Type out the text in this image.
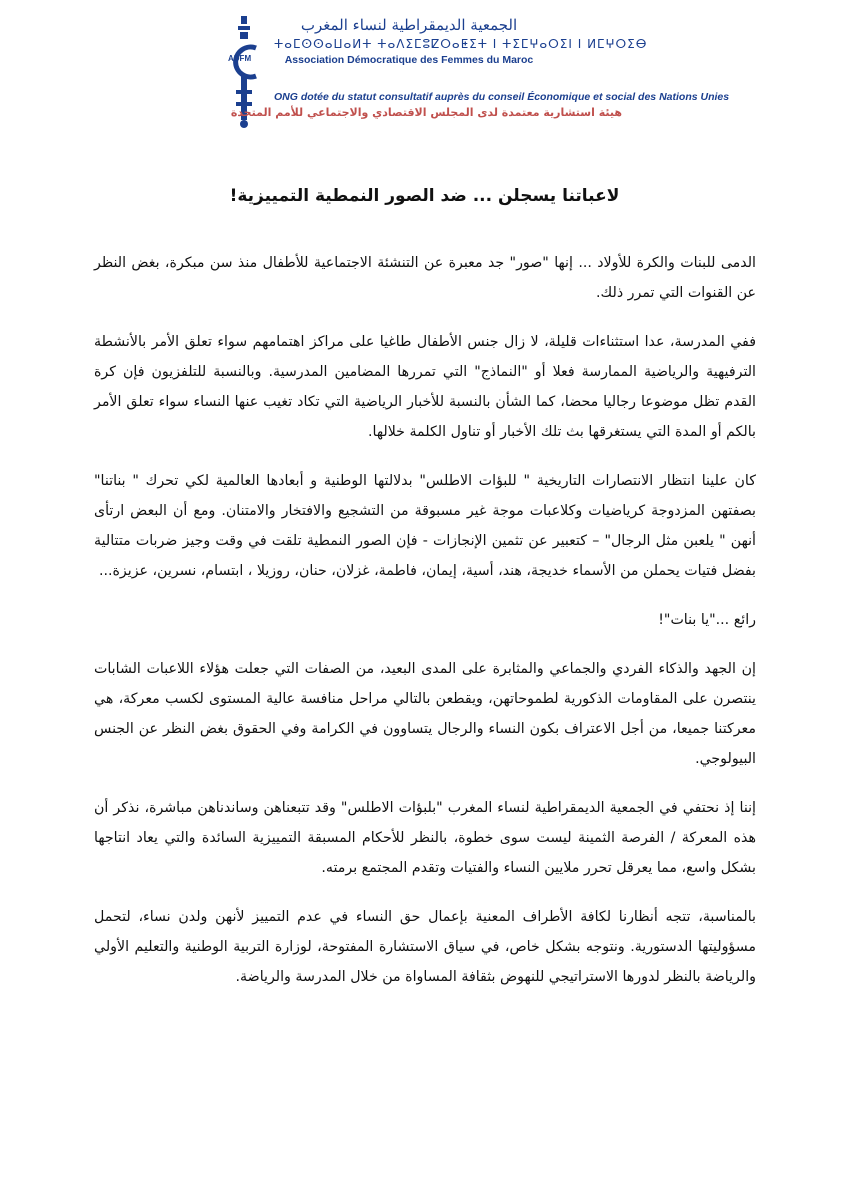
ADFM
الجمعية الديمقراطية لنساء المغرب
ⵜⴰⵎⵙⵙⴰⵡⴰⵍⵜ ⵜⴰⴷⵉⵎⵓⵇⵔⴰⵟⵉⵜ ⵏ ⵜⵉⵎⵖⴰⵔⵉⵏ ⵏ ⵍⵎⵖⵔⵉⴱ
Association Démocratique des Femmes du Maroc
ONG dotée du statut consultatif auprès du conseil Économique et social des Nations Unies
هيئة استشارية معتمدة لدى المجلس الاقتصادي والاجتماعي للأمم المتحدة
لاعباتنا يسجلن ... ضد الصور النمطية التمييزية!

الدمى للبنات والكرة للأولاد ... إنها "صور" جد معبرة عن التنشئة الاجتماعية للأطفال منذ سن مبكرة، بغض النظر عن القنوات التي تمرر ذلك.

ففي المدرسة، عدا استثناءات قليلة، لا زال جنس الأطفال طاغيا على مراكز اهتمامهم سواء تعلق الأمر بالأنشطة الترفيهية والرياضية الممارسة فعلا أو "النماذج" التي تمررها المضامين المدرسية. وبالنسبة للتلفزيون فإن كرة القدم تظل موضوعا رجاليا محضا، كما الشأن بالنسبة للأخبار الرياضية التي تكاد تغيب عنها النساء سواء تعلق الأمر بالكم أو المدة التي يستغرقها بث تلك الأخبار أو تناول الكلمة خلالها.

كان علينا انتظار الانتصارات التاريخية " للبؤات الاطلس" بدلالتها الوطنية و أبعادها العالمية لكي تحرك " بناتنا" بصفتهن المزدوجة كرياضيات وكلاعبات موجة غير مسبوقة من التشجيع والافتخار والامتنان. ومع أن البعض ارتأى أنهن " يلعبن مثل الرجال" – كتعبير عن تثمين الإنجازات - فإن الصور النمطية تلقت في وقت وجيز ضربات متتالية بفضل فتيات يحملن من الأسماء خديجة، هند، أسية، إيمان، فاطمة، غزلان، حنان، روزيلا ، ابتسام، نسرين، عزيزة...

رائع ..."يا بنات"!

إن الجهد والذكاء الفردي والجماعي والمثابرة على المدى البعيد، من الصفات التي جعلت هؤلاء اللاعبات الشابات ينتصرن على المقاومات الذكورية لطموحاتهن، ويقطعن بالتالي مراحل منافسة عالية المستوى لكسب معركة، هي معركتنا جميعا، من أجل الاعتراف بكون النساء والرجال يتساوون في الكرامة وفي الحقوق بغض النظر عن الجنس البيولوجي.

إننا إذ نحتفي في الجمعية الديمقراطية لنساء المغرب "بلبؤات الاطلس" وقد تتبعناهن وساندناهن مباشرة، نذكر أن هذه المعركة / الفرصة الثمينة ليست سوى خطوة، بالنظر للأحكام المسبقة التمييزية السائدة والتي يعاد انتاجها بشكل واسع، مما يعرقل تحرر ملايين النساء والفتيات وتقدم المجتمع برمته.

بالمناسبة، تتجه أنظارنا لكافة الأطراف المعنية بإعمال حق النساء في عدم التمييز لأنهن ولدن نساء، لتحمل مسؤوليتها الدستورية. ونتوجه بشكل خاص، في سياق الاستشارة المفتوحة، لوزارة التربية الوطنية والتعليم الأولي والرياضة بالنظر لدورها الاستراتيجي للنهوض بثقافة المساواة من خلال المدرسة والرياضة.
